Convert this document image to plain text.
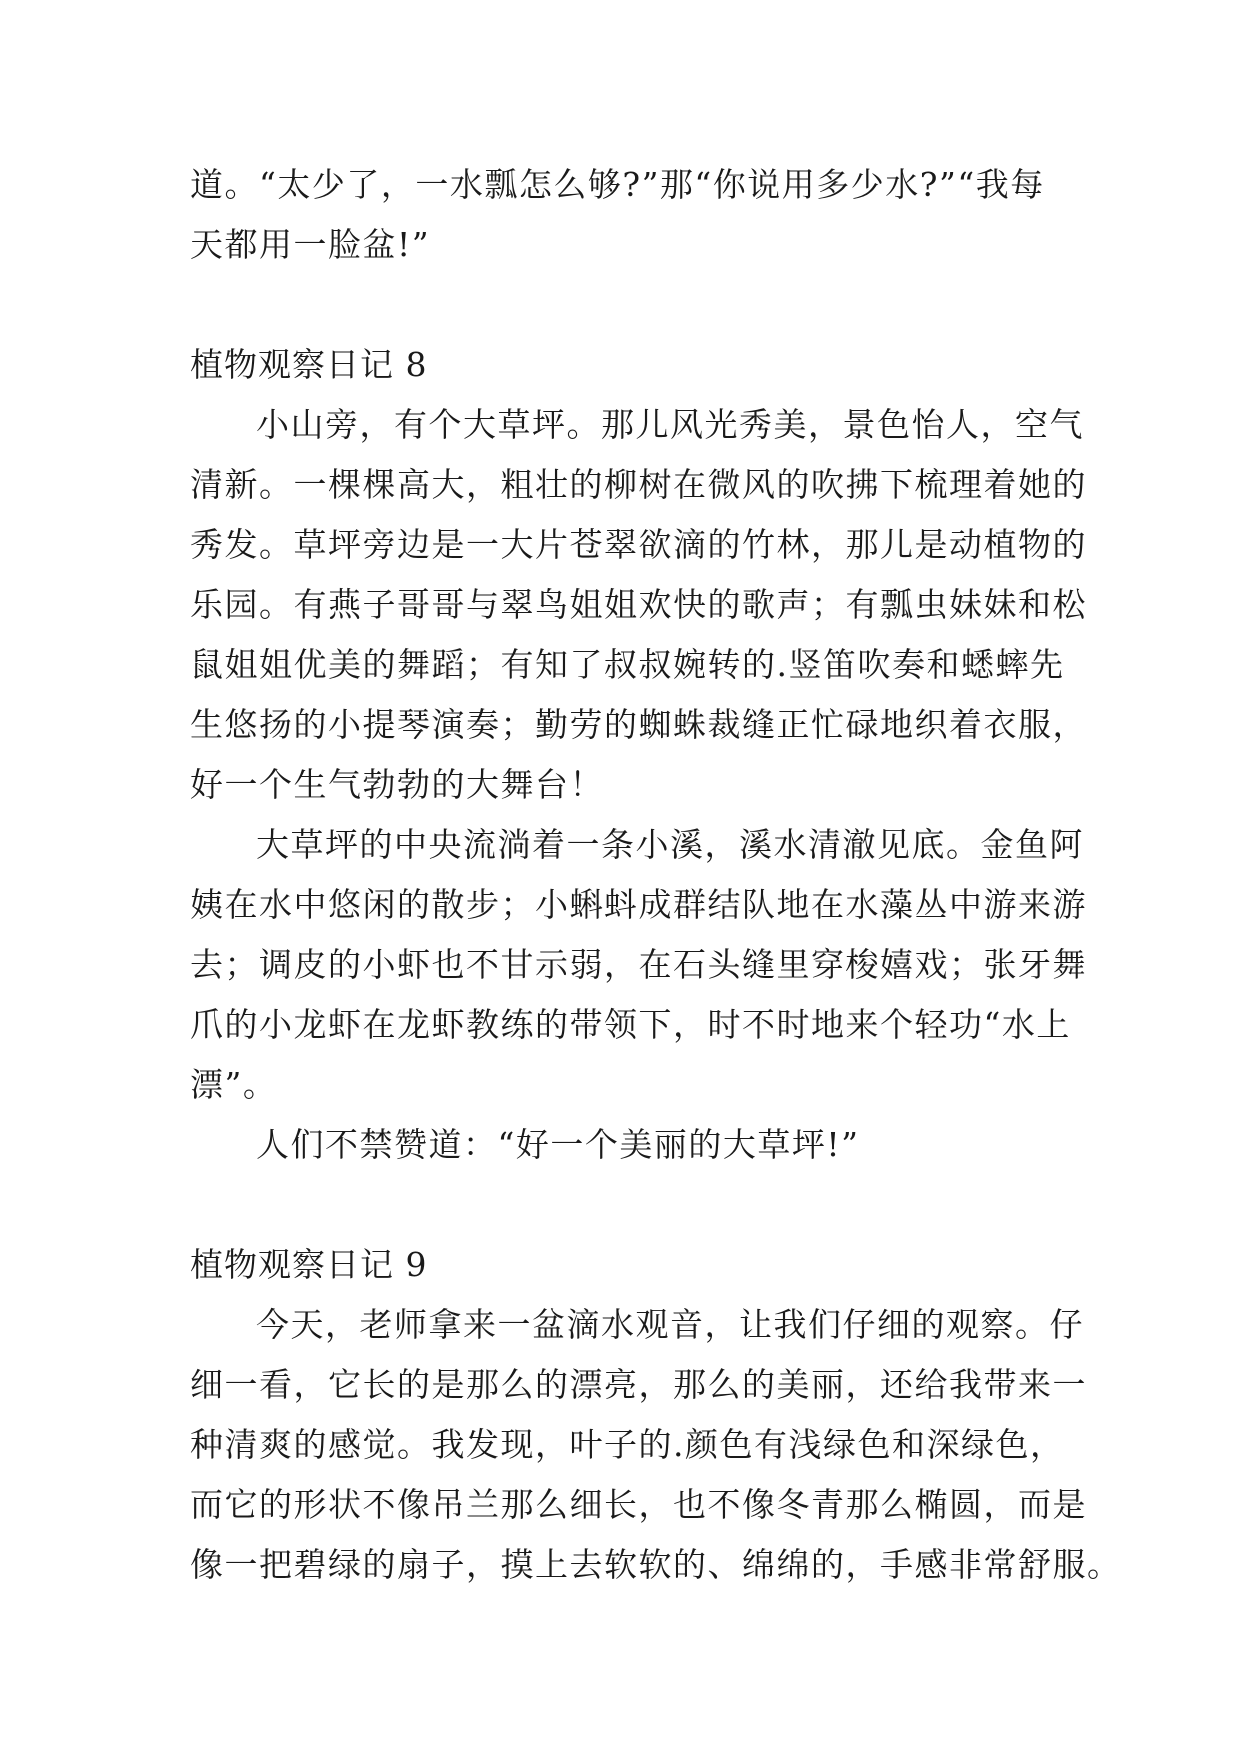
道。“太少了，一水瓢怎么够?”那“你说用多少水?”“我每
天都用一脸盆!”
植物观察日记 8
小山旁，有个大草坪。那儿风光秀美，景色怡人，空气
清新。一棵棵高大，粗壮的柳树在微风的吹拂下梳理着她的
秀发。草坪旁边是一大片苍翠欲滴的竹林，那儿是动植物的
乐园。有燕子哥哥与翠鸟姐姐欢快的歌声；有瓢虫妹妹和松
鼠姐姐优美的舞蹈；有知了叔叔婉转的.竖笛吹奏和蟋蟀先
生悠扬的小提琴演奏；勤劳的蜘蛛裁缝正忙碌地织着衣服，
好一个生气勃勃的大舞台！
大草坪的中央流淌着一条小溪，溪水清澈见底。金鱼阿
姨在水中悠闲的散步；小蝌蚪成群结队地在水藻丛中游来游
去；调皮的小虾也不甘示弱，在石头缝里穿梭嬉戏；张牙舞
爪的小龙虾在龙虾教练的带领下，时不时地来个轻功“水上
漂”。
人们不禁赞道：“好一个美丽的大草坪!”
植物观察日记 9
今天，老师拿来一盆滴水观音，让我们仔细的观察。仔
细一看，它长的是那么的漂亮，那么的美丽，还给我带来一
种清爽的感觉。我发现，叶子的.颜色有浅绿色和深绿色，
而它的形状不像吊兰那么细长，也不像冬青那么椭圆，而是
像一把碧绿的扇子，摸上去软软的、绵绵的，手感非常舒服。
